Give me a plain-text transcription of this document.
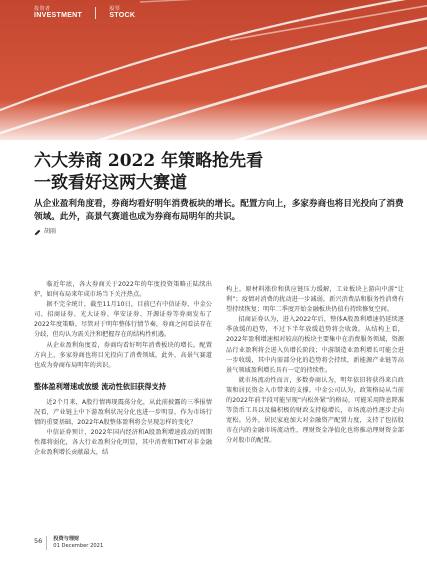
投资者
INVESTMENT

股票
STOCK
六大券商 2022 年策略抢先看
一致看好这两大赛道

从企业盈利角度看，券商均看好明年消费板块的增长。配置方向上，多家券商也将目光投向了消费领域。此外，高景气赛道也成为券商布局明年的共识。

胡雨

临近年底，各大券商关于2022年的年度投资策略正陆续出炉，如何布局来年成市场当下关注热点。

据不完全统计，截至11月10日，目前已有中信证券、中金公司、招商证券、光大证券、华安证券、开源证券等券商发布了2022年度策略。尽管对于明年整体行情节奏，券商之间看法存在分歧，但均认为需关注和把握存在的结构性机遇。

从企业盈利角度看，券商均看好明年消费板块的增长。配置方向上，多家券商也将目光投向了消费领域。此外，高景气赛道也成为券商布局明年的共识。

整体盈利增速或放缓 流动性依旧获得支持

近2个月来，A股行情再现震荡分化，从此前披露的三季报情况看，产业链上中下游盈利状况分化也进一步明显，作为市场行情的重要基础，2022年A股整体盈利将会呈现怎样的变化？

中信证券预计，2022年国内经济和A股盈利增速波动的周期性都将弱化，各大行业盈利分化明显，其中消费和TMT对非金融企业盈利增长贡献最大，结

构上，原材料涨价和供应链压力缓解，工业板块上游向中游“让利”；疫情对消费的扰动进一步减弱，新兴消费品和服务性消费有望持续恢复；明年二季度开始金融板块仍值有持续修复空间。

招商证券认为，进入2022年后，整体A股盈利增速仍延续逐季放缓的趋势，不过下半年放缓趋势将会收敛。从结构上看，2022年盈利增速相对较高的板块主要集中在消费服务领域，资源品行业盈利将会进入负增长阶段；中游制造业盈利增长可能会进一步收缓，其中内需部分化的趋势将会持续，新能源产业链等高景气领域盈利增长具有一定的持续性。

就市场流动性而言，多数券商认为，明年依旧将获得来自政策和居民资金入市带来的支撑。中金公司认为，政策格局从当前的2022年前半段可能呈现“内松外紧”的格局，可能采用降息降准等货币工具以及偏积极的财政支持稳增长，市场流动性逐步走向宽松。另外，居民家庭加大对金融资产配置力度，支持了包括股市在内的金融市场流动性，理财资金净值化也将推动理财资金部分对股市的配置。

56 投资与理财
01 December 2021
